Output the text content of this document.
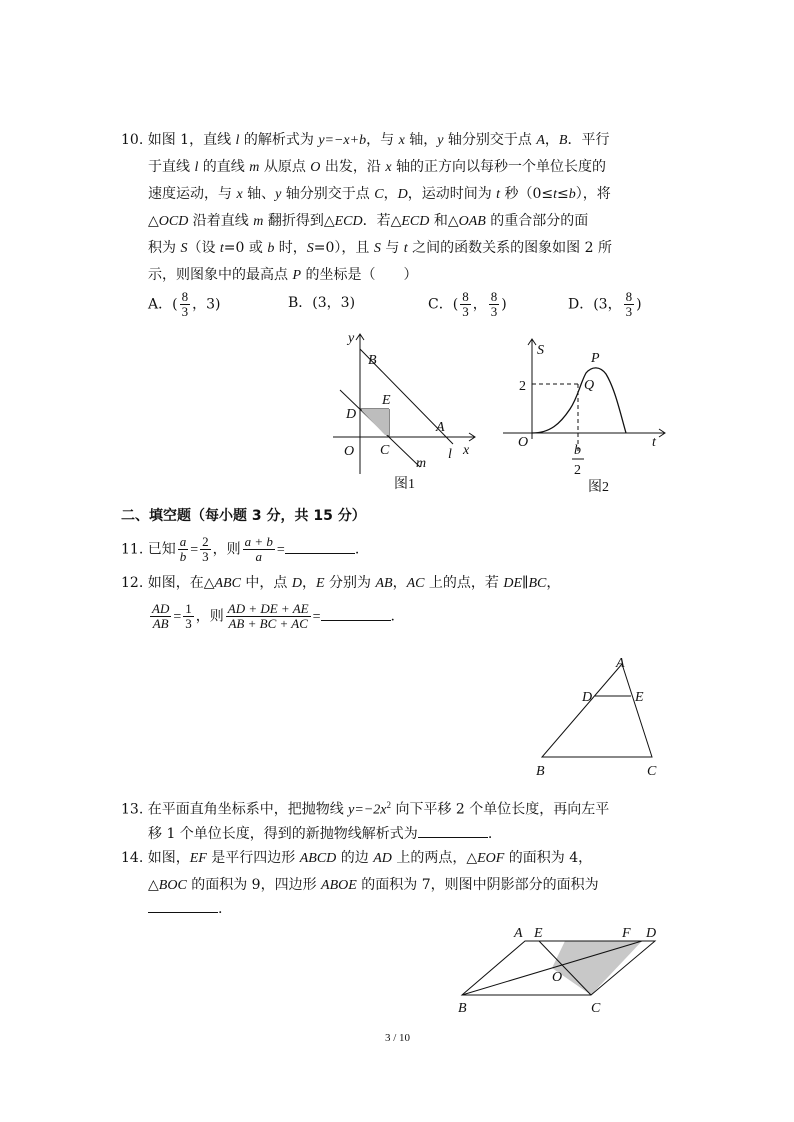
10. 如图 1，直线 l 的解析式为 y=−x+b，与 x 轴，y 轴分别交于点 A，B．平行
于直线 l 的直线 m 从原点 O 出发，沿 x 轴的正方向以每秒一个单位长度的
速度运动，与 x 轴、y 轴分别交于点 C，D，运动时间为 t 秒（0≤t≤b），将
△OCD 沿着直线 m 翻折得到△ECD．若△ECD 和△OAB 的重合部分的面
积为 S（设 t=0 或 b 时，S=0），且 S 与 t 之间的函数关系的图象如图 2 所
示，则图象中的最高点 P 的坐标是（　　）
A．( $\frac{8}{3}$ ，3)	B．(3，3)	C．( $\frac{8}{3}$ ， $\frac{8}{3}$ )	D．(3， $\frac{8}{3}$ )
y
B
E
D
A
O C	l x
m
图1
S
P
Q
2
O
b
2
t
图2
二、填空题（每小题 3 分，共 15 分）
11. 已知 $\frac{a}{b} = \frac{2}{3}$ ，则 $\frac{a + b}{a}$ =	.
12. 如图，在△ABC 中，点 D，E 分别为 AB，AC 上的点，若 DE∥BC，
$\frac{AD}{AB} = \frac{1}{3}$ ，则 $\frac{AD + DE + AE}{AB + BC + AC}$ =	.
A
D	E
B	C
13. 在平面直角坐标系中，把抛物线 $y=-2x^2$ 向下平移 2 个单位长度，再向左平
移 1 个单位长度，得到的新抛物线解析式为	.
14. 如图，EF 是平行四边形 ABCD 的边 AD 上的两点，△EOF 的面积为 4，
△BOC 的面积为 9，四边形 ABOE 的面积为 7，则图中阴影部分的面积为
.
A E	F D
O
B	C
3 / 10
